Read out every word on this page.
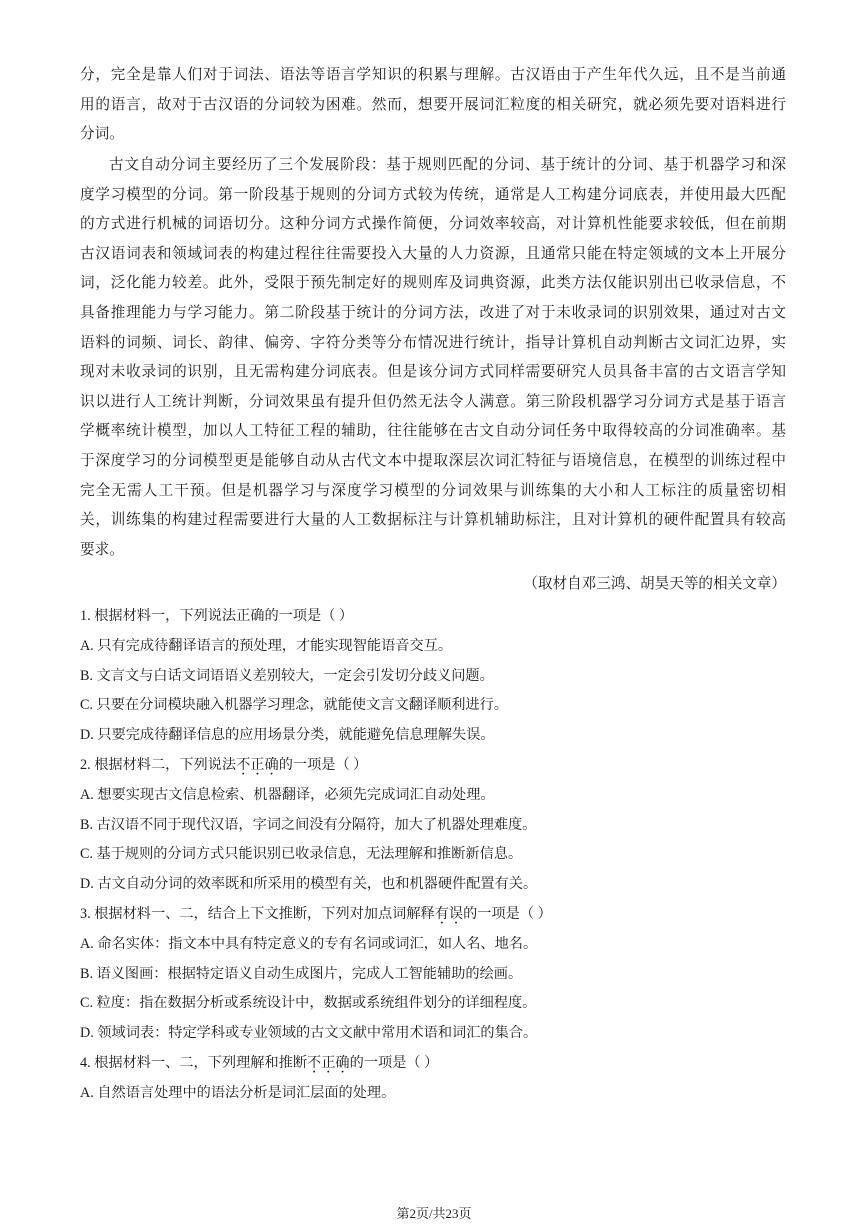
分，完全是靠人们对于词法、语法等语言学知识的积累与理解。古汉语由于产生年代久远，且不是当前通
用的语言，故对于古汉语的分词较为困难。然而，想要开展词汇粒度的相关研究，就必须先要对语料进行
分词。
古文自动分词主要经历了三个发展阶段：基于规则匹配的分词、基于统计的分词、基于机器学习和深
度学习模型的分词。第一阶段基于规则的分词方式较为传统，通常是人工构建分词底表，并使用最大匹配
的方式进行机械的词语切分。这种分词方式操作简便，分词效率较高，对计算机性能要求较低，但在前期
古汉语词表和领域词表的构建过程往往需要投入大量的人力资源，且通常只能在特定领域的文本上开展分
词，泛化能力较差。此外，受限于预先制定好的规则库及词典资源，此类方法仅能识别出已收录信息，不
具备推理能力与学习能力。第二阶段基于统计的分词方法，改进了对于未收录词的识别效果，通过对古文
语料的词频、词长、韵律、偏旁、字符分类等分布情况进行统计，指导计算机自动判断古文词汇边界，实
现对未收录词的识别，且无需构建分词底表。但是该分词方式同样需要研究人员具备丰富的古文语言学知
识以进行人工统计判断，分词效果虽有提升但仍然无法令人满意。第三阶段机器学习分词方式是基于语言
学概率统计模型，加以人工特征工程的辅助，往往能够在古文自动分词任务中取得较高的分词准确率。基
于深度学习的分词模型更是能够自动从古代文本中提取深层次词汇特征与语境信息，在模型的训练过程中
完全无需人工干预。但是机器学习与深度学习模型的分词效果与训练集的大小和人工标注的质量密切相
关，训练集的构建过程需要进行大量的人工数据标注与计算机辅助标注，且对计算机的硬件配置具有较高
要求。
（取材自邓三鸿、胡昊天等的相关文章）
1. 根据材料一，下列说法正确的一项是（ ）
A. 只有完成待翻译语言的预处理，才能实现智能语音交互。
B. 文言文与白话文词语语义差别较大，一定会引发切分歧义问题。
C. 只要在分词模块融入机器学习理念，就能使文言文翻译顺利进行。
D. 只要完成待翻译信息的应用场景分类，就能避免信息理解失误。
2. 根据材料二，下列说法不正确的一项是（ ）
A. 想要实现古文信息检索、机器翻译，必须先完成词汇自动处理。
B. 古汉语不同于现代汉语，字词之间没有分隔符，加大了机器处理难度。
C. 基于规则的分词方式只能识别已收录信息，无法理解和推断新信息。
D. 古文自动分词的效率既和所采用的模型有关，也和机器硬件配置有关。
3. 根据材料一、二，结合上下文推断，下列对加点词解释有误的一项是（ ）
A. 命名实体：指文本中具有特定意义的专有名词或词汇，如人名、地名。
B. 语义图画：根据特定语义自动生成图片，完成人工智能辅助的绘画。
C. 粒度：指在数据分析或系统设计中，数据或系统组件划分的详细程度。
D. 领域词表：特定学科或专业领域的古文文献中常用术语和词汇的集合。
4. 根据材料一、二，下列理解和推断不正确的一项是（ ）
A. 自然语言处理中的语法分析是词汇层面的处理。
第2页/共23页
